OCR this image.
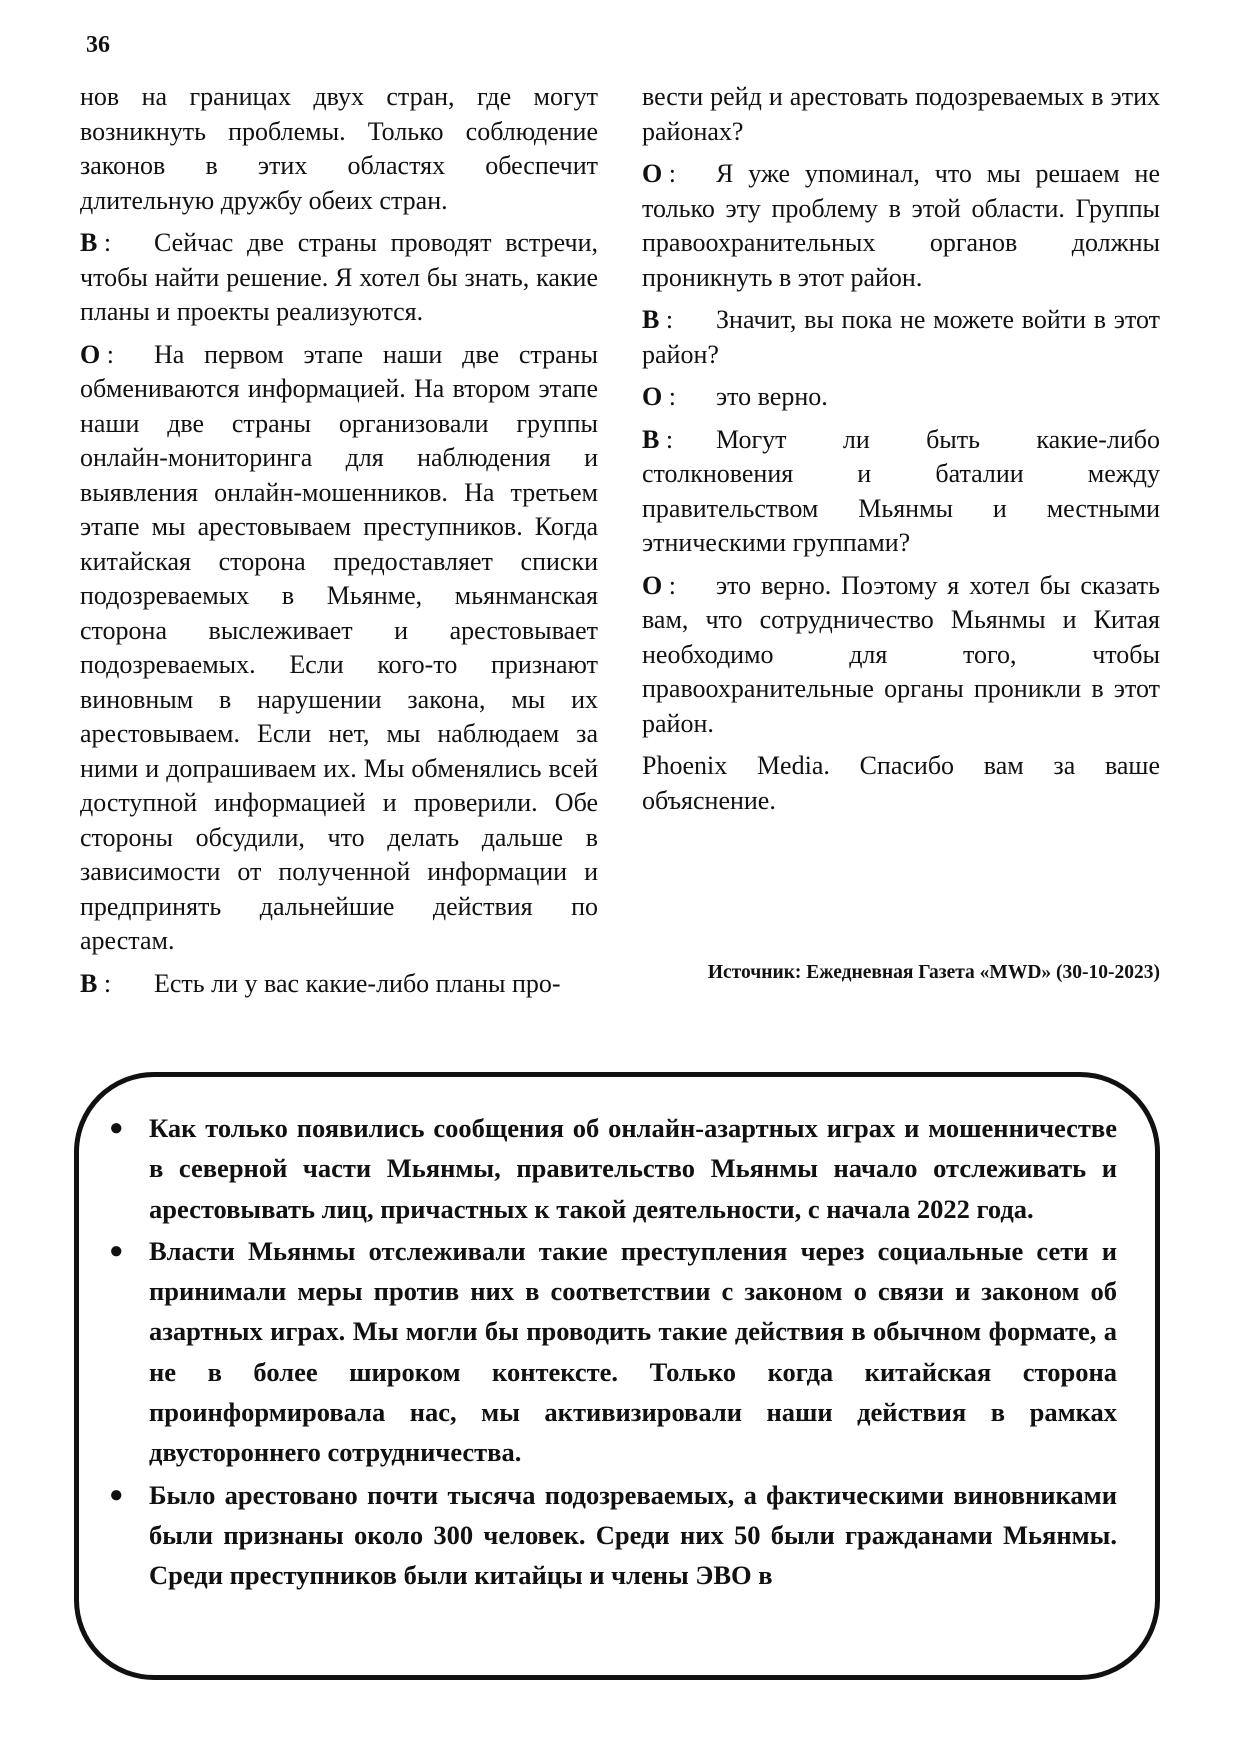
36

нов на границах двух стран, где могут возникнуть проблемы. Только соблюдение законов в этих областях обеспечит длительную дружбу обеих стран.

В : Сейчас две страны проводят встречи, чтобы найти решение. Я хотел бы знать, какие планы и проекты реализуются.

О : На первом этапе наши две страны обмениваются информацией. На втором этапе наши две страны организовали группы онлайн-мониторинга для наблюдения и выявления онлайн-мошенников. На третьем этапе мы арестовываем преступников. Когда китайская сторона предоставляет списки подозреваемых в Мьянме, мьянманская сторона выслеживает и арестовывает подозреваемых. Если кого-то признают виновным в нарушении закона, мы их арестовываем. Если нет, мы наблюдаем за ними и допрашиваем их. Мы обменялись всей доступной информацией и проверили. Обе стороны обсудили, что делать дальше в зависимости от полученной информации и предпринять дальнейшие действия по арестам.

В : Есть ли у вас какие-либо планы про-

вести рейд и арестовать подозреваемых в этих районах?

О : Я уже упоминал, что мы решаем не только эту проблему в этой области. Группы правоохранительных органов должны проникнуть в этот район.

В : Значит, вы пока не можете войти в этот район?

О : это верно.

В : Могут ли быть какие-либо столкновения и баталии между правительством Мьянмы и местными этническими группами?

О : это верно. Поэтому я хотел бы сказать вам, что сотрудничество Мьянмы и Китая необходимо для того, чтобы правоохранительные органы проникли в этот район.

Phoenix Media. Спасибо вам за ваше объяснение.

Источник: Ежедневная Газета «MWD» (30-10-2023)
● Как только появились сообщения об онлайн-азартных играх и мошенничестве в северной части Мьянмы, правительство Мьянмы начало отслеживать и арестовывать лиц, причастных к такой деятельности, с начала 2022 года.
● Власти Мьянмы отслеживали такие преступления через социальные сети и принимали меры против них в соответствии с законом о связи и законом об азартных играх. Мы могли бы проводить такие действия в обычном формате, а не в более широком контексте. Только когда китайская сторона проинформировала нас, мы активизировали наши действия в рамках двустороннего сотрудничества.
● Было арестовано почти тысяча подозреваемых, а фактическими виновниками были признаны около 300 человек. Среди них 50 были гражданами Мьянмы. Среди преступников были китайцы и члены ЭВО в
